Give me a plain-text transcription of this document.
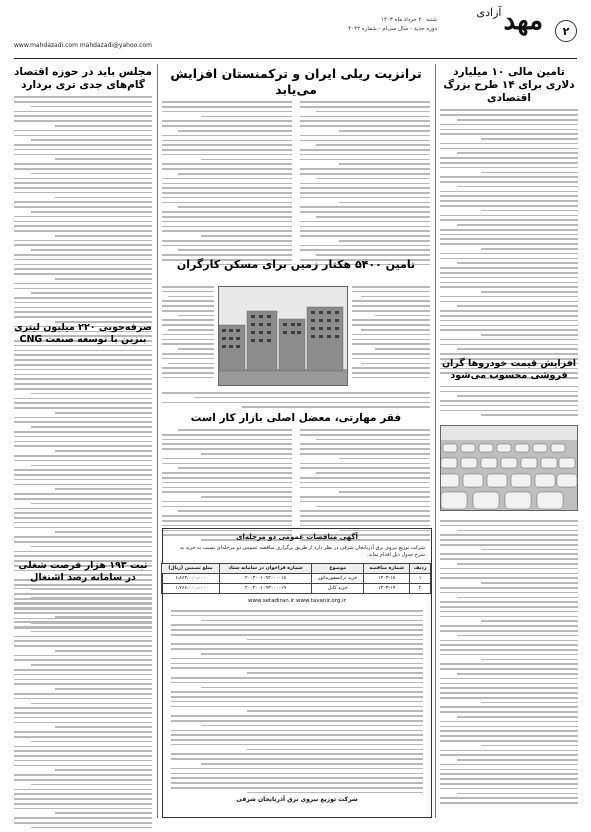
۲
مهد$^{آزادی}$
شنبه ۲۰ خرداد ماه ۱۴۰۳
دوره جدید - سال سی‌ام - شماره ۴۰۴۲
www.mahdazadi.com mahdazadi@yahoo.com
تامین مالی ۱۰ میلیارد دلاری برای ۱۴ طرح بزرگ اقتصادی
افزایش قیمت خودروها گران فروشی محسوب می‌شود
ترانزیت ریلی ایران و ترکمنستان افزایش می‌یابد
تامین ۵۴۰۰ هکتار زمین برای مسکن کارگران
فقر مهارتی، معضل اصلی بازار کار است
آگهی مناقصات عمومی دو مرحله‌ای
شرکت توزیع نیروی برق آذربایجان شرقی در نظر دارد از طریق برگزاری مناقصه عمومی دو مرحله‌ای نسبت به خرید به شرح جدول ذیل اقدام نماید.
ردیف	شماره مناقصه	موضوع	شماره فراخوان در سامانه ستاد	مبلغ تضمین (ریال)
۱	۱۴۰۳-۱۸	خرید ترانسفورماتور	۲۰۰۳۰۰۱۰۹۳۰۰۰۰۱۸	۶،۸۶۴،۰۰۰،۰۰۰
۲	۱۴۰۳-۱۹	خرید کابل	۲۰۰۳۰۰۱۰۹۳۰۰۰۰۱۹	۱،۷۶۶،۰۰۰،۰۰۰
www.setadiran.ir www.tavanir.org.ir
شرکت توزیع نیروی برق آذربایجان شرقی
مجلس باید در حوزه اقتصاد گام‌های جدی تری بردارد
صرفه‌جویی ۲۲۰ میلیون لیتری بنزین با توسعه صنعت CNG
ثبت ۱۹۳ هزار فرصت شغلی در سامانه رصد اشتغال
